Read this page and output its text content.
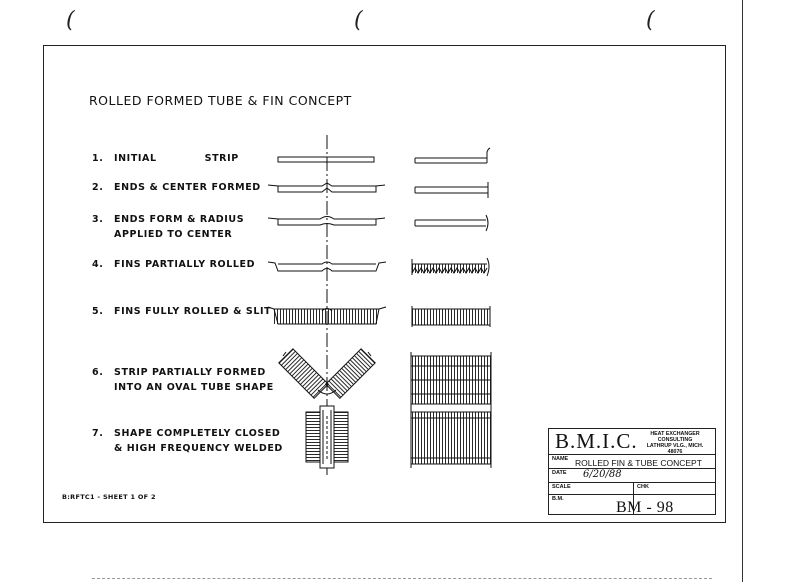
(	(	(
ROLLED FORMED TUBE & FIN CONCEPT
1. INITIAL	STRIP
2. ENDS & CENTER FORMED
3. ENDS FORM & RADIUS
APPLIED TO CENTER
4. FINS PARTIALLY ROLLED
5. FINS FULLY ROLLED & SLIT
6. STRIP PARTIALLY FORMED
INTO AN OVAL TUBE SHAPE
7. SHAPE COMPLETELY CLOSED
& HIGH FREQUENCY WELDED
B:RFTC1 - SHEET 1 OF 2
B.M.I.C.	HEAT EXCHANGER
CONSULTING
LATHRUP VLG., MICH.
48076
NAME ROLLED FIN & TUBE CONCEPT
DATE 6/20/88
SCALE	CHK
B.M.	BM - 98
